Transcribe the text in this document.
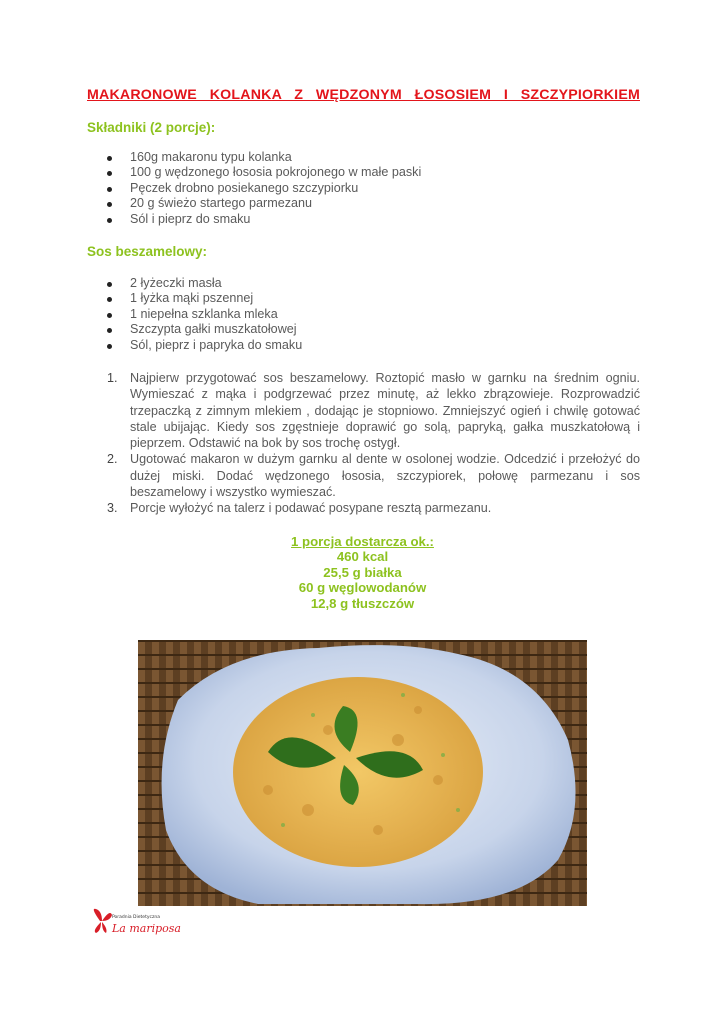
MAKARONOWE KOLANKA Z WĘDZONYM ŁOSOSIEM I SZCZYPIORKIEM
Składniki (2 porcje):
160g makaronu typu kolanka
100 g wędzonego łososia pokrojonego w małe paski
Pęczek drobno posiekanego szczypiorku
20 g świeżo startego parmezanu
Sól i pieprz do smaku
Sos beszamelowy:
2 łyżeczki masła
1 łyżka mąki pszennej
1 niepełna szklanka mleka
Szczypta gałki muszkatołowej
Sól, pieprz i papryka do smaku
1. Najpierw przygotować sos beszamelowy. Roztopić masło w garnku na średnim ogniu. Wymieszać z mąka i podgrzewać przez minutę, aż lekko zbrązowieje. Rozprowadzić trzepaczką z zimnym mlekiem , dodając je stopniowo. Zmniejszyć ogień i chwilę gotować stale ubijając. Kiedy sos zgęstnieje doprawić go solą, papryką, gałka muszkatołową i pieprzem. Odstawić na bok by sos trochę ostygł.
2. Ugotować makaron w dużym garnku al dente w osolonej wodzie. Odcedzić i przełożyć do dużej miski. Dodać wędzonego łososia, szczypiorek, połowę parmezanu i sos beszamelowy i wszystko wymieszać.
3. Porcje wyłożyć na talerz i podawać posypane resztą parmezanu.
1 porcja dostarcza ok.:
460 kcal
25,5 g białka
60 g węglowodanów
12,8 g tłuszczów
Poradnia Dietetyczna
La mariposa
